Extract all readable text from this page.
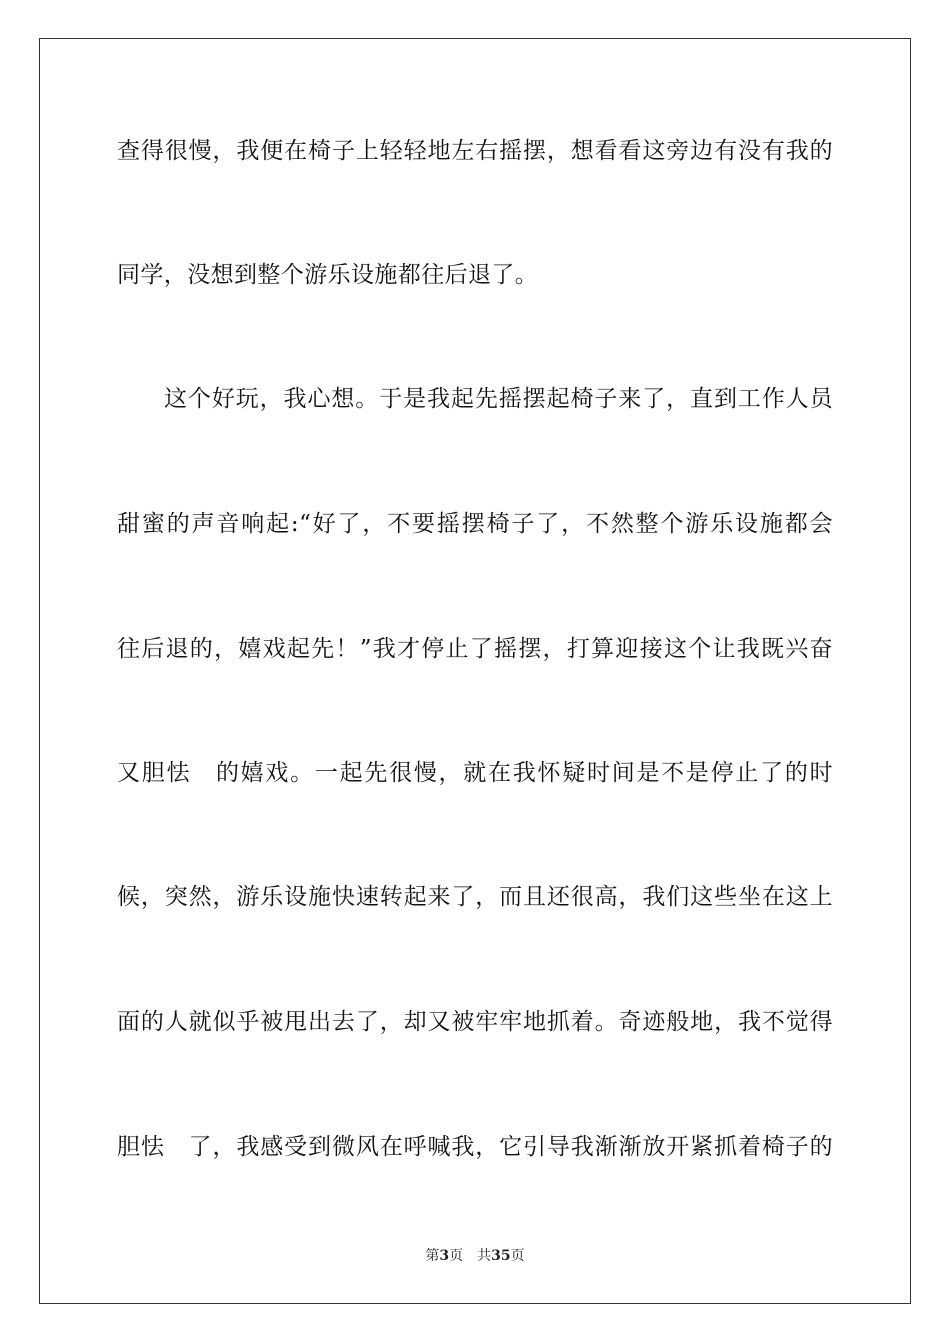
查得很慢，我便在椅子上轻轻地左右摇摆，想看看这旁边有没有我的
同学，没想到整个游乐设施都往后退了。
这个好玩，我心想。于是我起先摇摆起椅子来了，直到工作人员
甜蜜的声音响起:“好了，不要摇摆椅子了，不然整个游乐设施都会
往后退的，嬉戏起先！”我才停止了摇摆，打算迎接这个让我既兴奋
又胆怯　的嬉戏。一起先很慢，就在我怀疑时间是不是停止了的时
候，突然，游乐设施快速转起来了，而且还很高，我们这些坐在这上
面的人就似乎被甩出去了，却又被牢牢地抓着。奇迹般地，我不觉得
胆怯　了，我感受到微风在呼喊我，它引导我渐渐放开紧抓着椅子的
第3页 共35页
